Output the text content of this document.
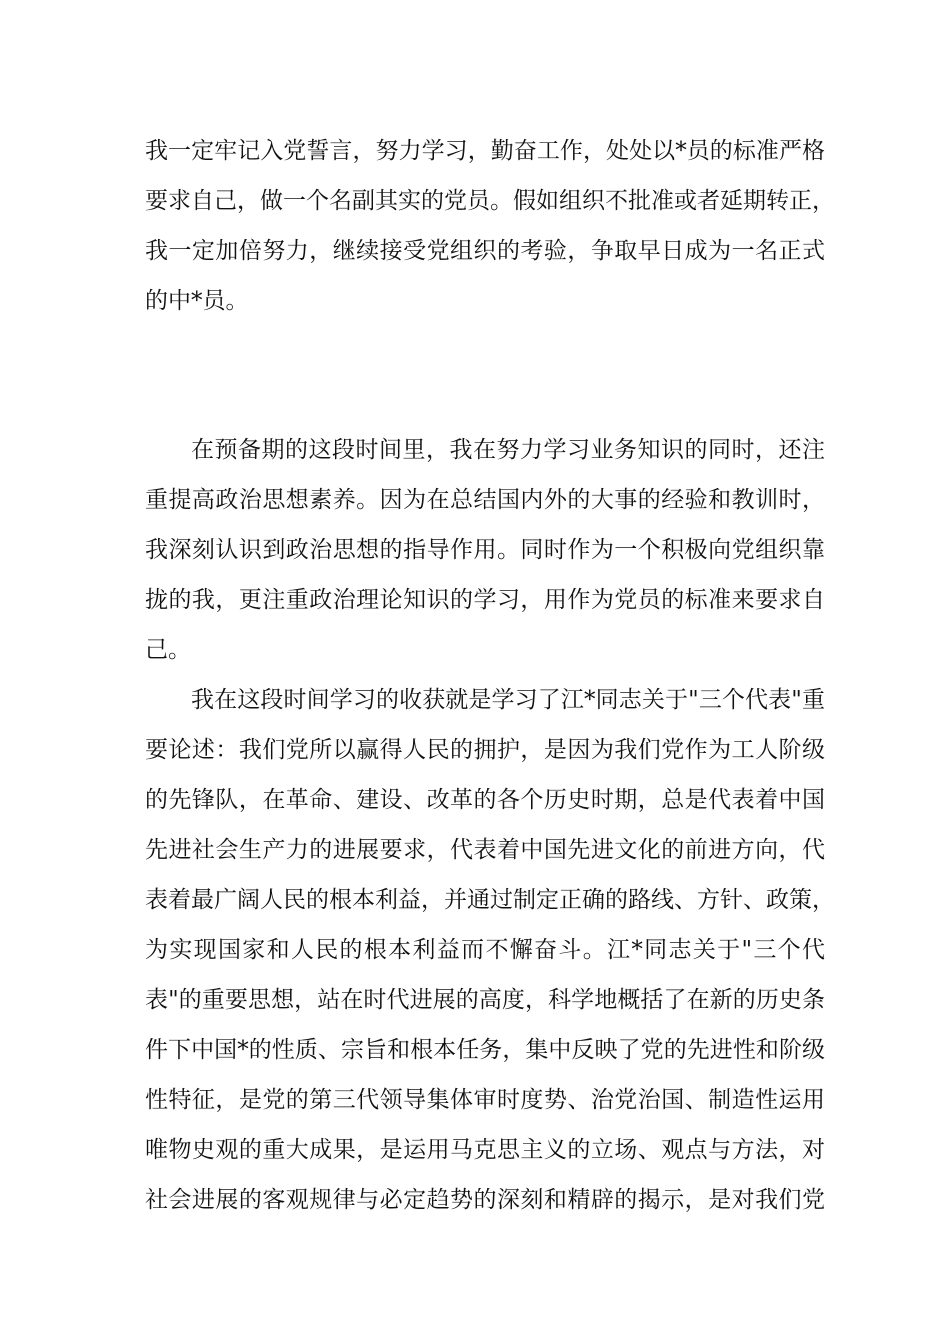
我一定牢记入党誓言，努力学习，勤奋工作，处处以*员的标准严格
要求自己，做一个名副其实的党员。假如组织不批准或者延期转正，
我一定加倍努力，继续接受党组织的考验，争取早日成为一名正式
的中*员。
在预备期的这段时间里，我在努力学习业务知识的同时，还注
重提高政治思想素养。因为在总结国内外的大事的经验和教训时，
我深刻认识到政治思想的指导作用。同时作为一个积极向党组织靠
拢的我，更注重政治理论知识的学习，用作为党员的标准来要求自
己。
我在这段时间学习的收获就是学习了江*同志关于"三个代表"重
要论述：我们党所以赢得人民的拥护，是因为我们党作为工人阶级
的先锋队，在革命、建设、改革的各个历史时期，总是代表着中国
先进社会生产力的进展要求，代表着中国先进文化的前进方向，代
表着最广阔人民的根本利益，并通过制定正确的路线、方针、政策，
为实现国家和人民的根本利益而不懈奋斗。江*同志关于"三个代
表"的重要思想，站在时代进展的高度，科学地概括了在新的历史条
件下中国*的性质、宗旨和根本任务，集中反映了党的先进性和阶级
性特征，是党的第三代领导集体审时度势、治党治国、制造性运用
唯物史观的重大成果，是运用马克思主义的立场、观点与方法，对
社会进展的客观规律与必定趋势的深刻和精辟的揭示，是对我们党
